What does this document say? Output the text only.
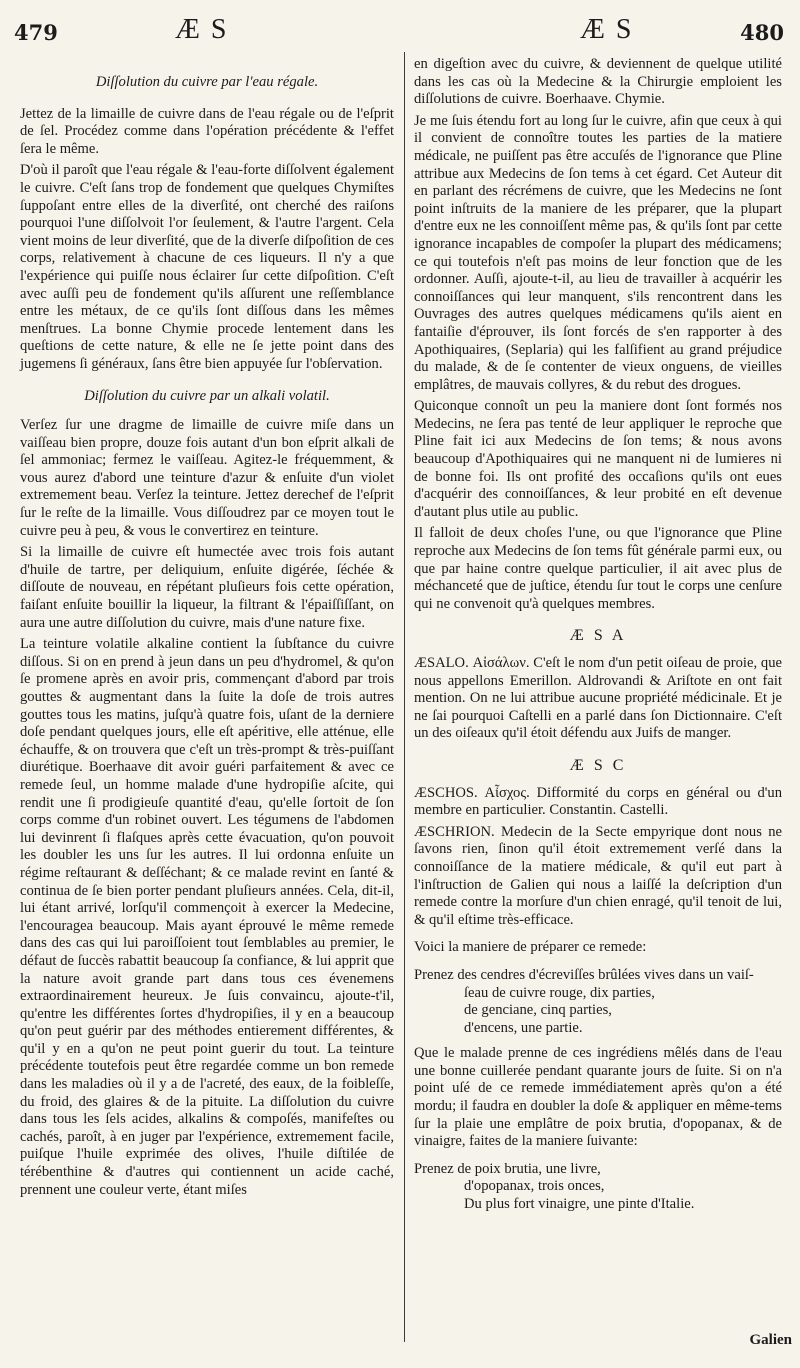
479	Æ S	Æ S	480
Diſſolution du cuivre par l'eau régale.

Jettez de la limaille de cuivre dans de l'eau régale ou de l'eſprit de ſel. Procédez comme dans l'opération précédente & l'effet ſera le même.

D'où il paroît que l'eau régale & l'eau-forte diſſolvent également le cuivre. C'eſt ſans trop de fondement que quelques Chymiſtes ſuppoſant entre elles de la diverſité, ont cherché des raiſons pourquoi l'une diſſolvoit l'or ſeulement, & l'autre l'argent. Cela vient moins de leur diverſité, que de la diverſe diſpoſition de ces corps, relativement à chacune de ces liqueurs. Il n'y a que l'expérience qui puiſſe nous éclairer ſur cette diſpoſition. C'eſt avec auſſi peu de fondement qu'ils aſſurent une reſſemblance entre les métaux, de ce qu'ils ſont diſſous dans les mêmes menſtrues. La bonne Chymie procede lentement dans les queſtions de cette nature, & elle ne ſe jette point dans des jugemens ſi généraux, ſans être bien appuyée ſur l'obſervation.

Diſſolution du cuivre par un alkali volatil.

Verſez ſur une dragme de limaille de cuivre miſe dans un vaiſſeau bien propre, douze fois autant d'un bon eſprit alkali de ſel ammoniac; fermez le vaiſſeau. Agitez-le fréquemment, & vous aurez d'abord une teinture d'azur & enſuite d'un violet extremement beau. Verſez la teinture. Jettez derechef de l'eſprit ſur le reſte de la limaille. Vous diſſoudrez par ce moyen tout le cuivre peu à peu, & vous le convertirez en teinture.

Si la limaille de cuivre eſt humectée avec trois fois autant d'huile de tartre, per deliquium, enſuite digérée, ſéchée & diſſoute de nouveau, en répétant pluſieurs fois cette opération, faiſant enſuite bouillir la liqueur, la filtrant & l'épaiſſiſſant, on aura une autre diſſolution du cuivre, mais d'une nature fixe.

La teinture volatile alkaline contient la ſubſtance du cuivre diſſous. Si on en prend à jeun dans un peu d'hydromel, & qu'on ſe promene après en avoir pris, commençant d'abord par trois gouttes & augmentant dans la ſuite la doſe de trois autres gouttes tous les matins, juſqu'à quatre fois, uſant de la derniere doſe pendant quelques jours, elle eſt apéritive, elle atténue, elle échauffe, & on trouvera que c'eſt un très-prompt & très-puiſſant diurétique. Boerhaave dit avoir guéri parfaitement & avec ce remede ſeul, un homme malade d'une hydropiſie aſcite, qui rendit une ſi prodigieuſe quantité d'eau, qu'elle ſortoit de ſon corps comme d'un robinet ouvert. Les tégumens de l'abdomen lui devinrent ſi flaſques après cette évacuation, qu'on pouvoit les doubler les uns ſur les autres. Il lui ordonna enſuite un régime reſtaurant & deſſéchant; & ce malade revint en ſanté & continua de ſe bien porter pendant pluſieurs années. Cela, dit-il, lui étant arrivé, lorſqu'il commençoit à exercer la Medecine, l'encouragea beaucoup. Mais ayant éprouvé le même remede dans des cas qui lui paroiſſoient tout ſemblables au premier, le défaut de ſuccès rabattit beaucoup ſa confiance, & lui apprit que la nature avoit grande part dans tous ces évenemens extraordinairement heureux. Je ſuis convaincu, ajoute-t'il, qu'entre les différentes ſortes d'hydropiſies, il y en a beaucoup qu'on peut guérir par des méthodes entierement différentes, & qu'il y en a qu'on ne peut point guerir du tout. La teinture précédente toutefois peut être regardée comme un bon remede dans les maladies où il y a de l'acreté, des eaux, de la foibleſſe, du froid, des glaires & de la pituite. La diſſolution du cuivre dans tous les ſels acides, alkalins & compoſés, manifeſtes ou cachés, paroît, à en juger par l'expérience, extremement facile, puiſque l'huile exprimée des olives, l'huile diſtilée de térébenthine & d'autres qui contiennent un acide caché, prennent une couleur verte, étant miſes

en digeſtion avec du cuivre, & deviennent de quelque utilité dans les cas où la Medecine & la Chirurgie emploient les diſſolutions de cuivre. Boerhaave. Chymie.

Je me ſuis étendu fort au long ſur le cuivre, afin que ceux à qui il convient de connoître toutes les parties de la matiere médicale, ne puiſſent pas être accuſés de l'ignorance que Pline attribue aux Medecins de ſon tems à cet égard. Cet Auteur dit en parlant des récrémens de cuivre, que les Medecins ne ſont point inſtruits de la maniere de les préparer, que la plupart d'entre eux ne les connoiſſent même pas, & qu'ils ſont par cette ignorance incapables de compoſer la plupart des médicamens; ce qui toutefois n'eſt pas moins de leur fonction que de les ordonner. Auſſi, ajoute-t-il, au lieu de travailler à acquérir les connoiſſances qui leur manquent, s'ils rencontrent dans les Ouvrages des autres quelques médicamens qu'ils aient en fantaiſie d'éprouver, ils ſont forcés de s'en rapporter à des Apothiquaires, (Seplaria) qui les falſifient au grand préjudice du malade, & de ſe contenter de vieux onguens, de vieilles emplâtres, de mauvais collyres, & du rebut des drogues.

Quiconque connoît un peu la maniere dont ſont formés nos Medecins, ne ſera pas tenté de leur appliquer le reproche que Pline fait ici aux Medecins de ſon tems; & nous avons beaucoup d'Apothiquaires qui ne manquent ni de lumieres ni de bonne foi. Ils ont profité des occaſions qu'ils ont eues d'acquérir des connoiſſances, & leur probité en eſt devenue d'autant plus utile au public.

Il falloit de deux choſes l'une, ou que l'ignorance que Pline reproche aux Medecins de ſon tems fût générale parmi eux, ou que par haine contre quelque particulier, il ait avec plus de méchanceté que de juſtice, étendu ſur tout le corps une cenſure qui ne convenoit qu'à quelques membres.

Æ S A

ÆSALO. Αἰσάλων. C'eſt le nom d'un petit oiſeau de proie, que nous appellons Emerillon. Aldrovandi & Ariſtote en ont fait mention. On ne lui attribue aucune propriété médicinale. Et je ne ſai pourquoi Caſtelli en a parlé dans ſon Dictionnaire. C'eſt un des oiſeaux qu'il étoit défendu aux Juifs de manger.

Æ S C

ÆSCHOS. Αἶσχος. Difformité du corps en général ou d'un membre en particulier. Constantin. Castelli.

ÆSCHRION. Medecin de la Secte empyrique dont nous ne ſavons rien, ſinon qu'il étoit extremement verſé dans la connoiſſance de la matiere médicale, & qu'il eut part à l'inſtruction de Galien qui nous a laiſſé la deſcription d'un remede contre la morſure d'un chien enragé, qu'il tenoit de lui, & qu'il eſtime très-efficace.

Voici la maniere de préparer ce remede:

Prenez des cendres d'écreviſſes brûlées vives dans un vaiſ-
ſeau de cuivre rouge, dix parties,
de gencianе, cinq parties,
d'encens, une partie.

Que le malade prenne de ces ingrédiens mêlés dans de l'eau une bonne cuillerée pendant quarante jours de ſuite. Si on n'a point uſé de ce remede immédiatement après qu'on a été mordu; il faudra en doubler la doſe & appliquer en même-tems ſur la plaie une emplâtre de poix brutia, d'opopanax, & de vinaigre, faites de la maniere ſuivante:

Prenez de poix brutia, une livre,
d'opopanax, trois onces,
Du plus fort vinaigre, une pinte d'Italie.
Galien
